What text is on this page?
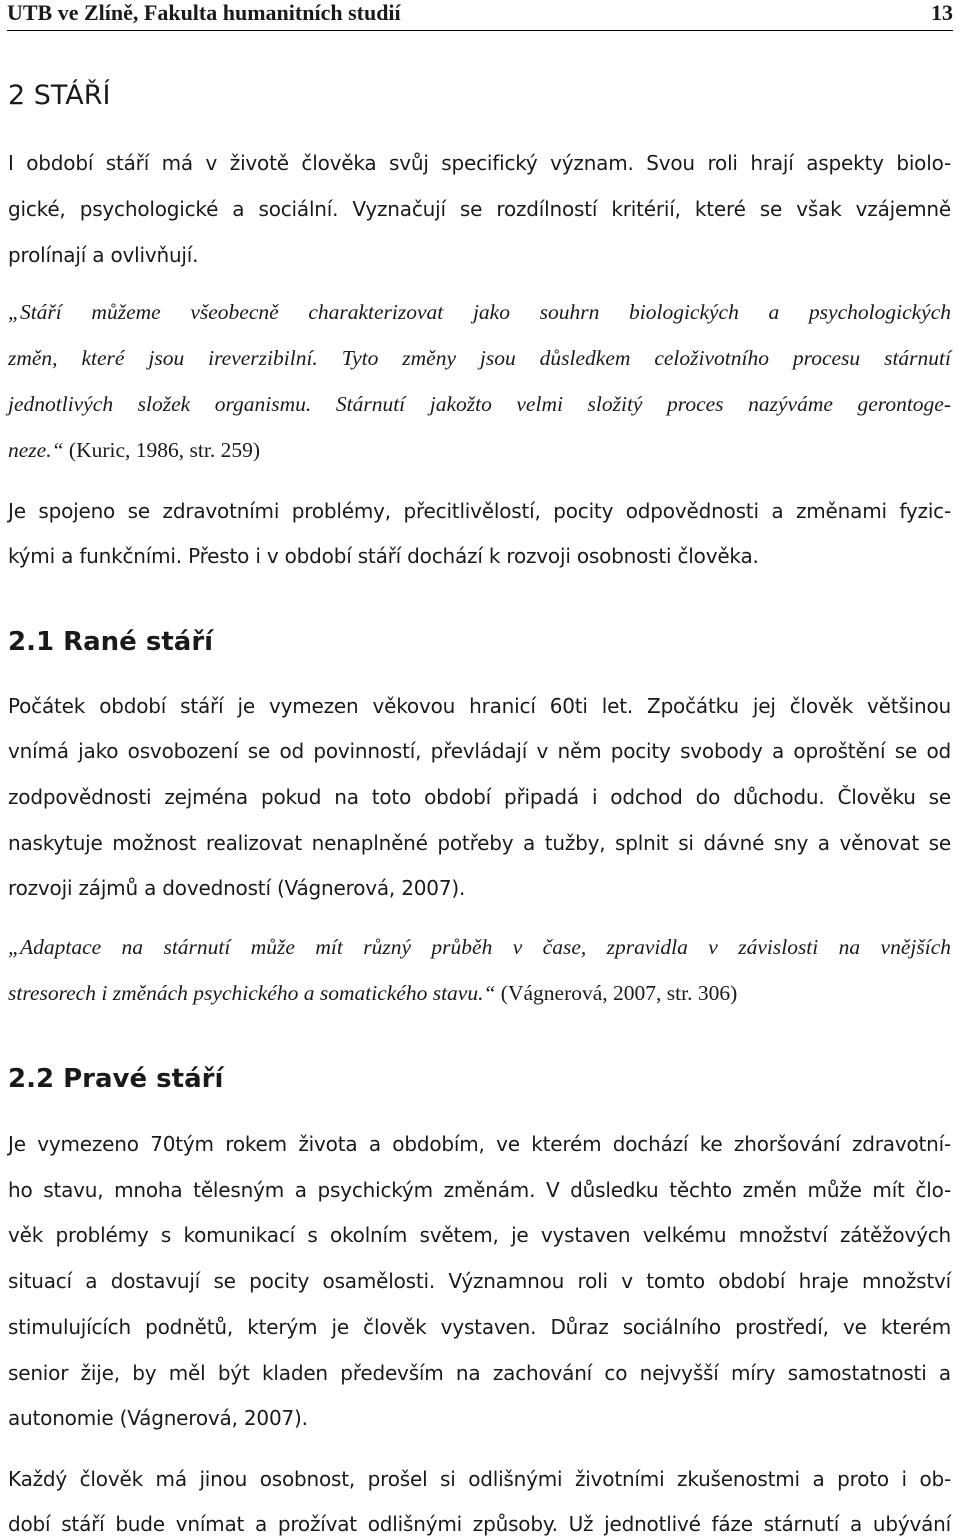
UTB ve Zlíně, Fakulta humanitních studií	13
2 STÁŘÍ
I období stáří má v životě člověka svůj specifický význam. Svou roli hrají aspekty biolo-
gické, psychologické a sociální. Vyznačují se rozdílností kritérií, které se však vzájemně
prolínají a ovlivňují.
„Stáří můžeme všeobecně charakterizovat jako souhrn biologických a psychologických
změn, které jsou ireverzibilní. Tyto změny jsou důsledkem celoživotního procesu stárnutí
jednotlivých složek organismu. Stárnutí jakožto velmi složitý proces nazýváme gerontoge-
neze.“ (Kuric, 1986, str. 259)
Je spojeno se zdravotními problémy, přecitlivělostí, pocity odpovědnosti a změnami fyzic-
kými a funkčními. Přesto i v období stáří dochází k rozvoji osobnosti člověka.
2.1 Rané stáří
Počátek období stáří je vymezen věkovou hranicí 60ti let. Zpočátku jej člověk většinou
vnímá jako osvobození se od povinností, převládají v něm pocity svobody a oproštění se od
zodpovědnosti zejména pokud na toto období připadá i odchod do důchodu. Člověku se
naskytuje možnost realizovat nenaplněné potřeby a tužby, splnit si dávné sny a věnovat se
rozvoji zájmů a dovedností (Vágnerová, 2007).
„Adaptace na stárnutí může mít různý průběh v čase, zpravidla v závislosti na vnějších
stresorech i změnách psychického a somatického stavu.“ (Vágnerová, 2007, str. 306)
2.2 Pravé stáří
Je vymezeno 70tým rokem života a obdobím, ve kterém dochází ke zhoršování zdravotní-
ho stavu, mnoha tělesným a psychickým změnám. V důsledku těchto změn může mít člo-
věk problémy s komunikací s okolním světem, je vystaven velkému množství zátěžových
situací a dostavují se pocity osamělosti. Významnou roli v tomto období hraje množství
stimulujících podnětů, kterým je člověk vystaven. Důraz sociálního prostředí, ve kterém
senior žije, by měl být kladen především na zachování co nejvyšší míry samostatnosti a
autonomie (Vágnerová, 2007).
Každý člověk má jinou osobnost, prošel si odlišnými životními zkušenostmi a proto i ob-
dobí stáří bude vnímat a prožívat odlišnými způsoby. Už jednotlivé fáze stárnutí a ubývání
